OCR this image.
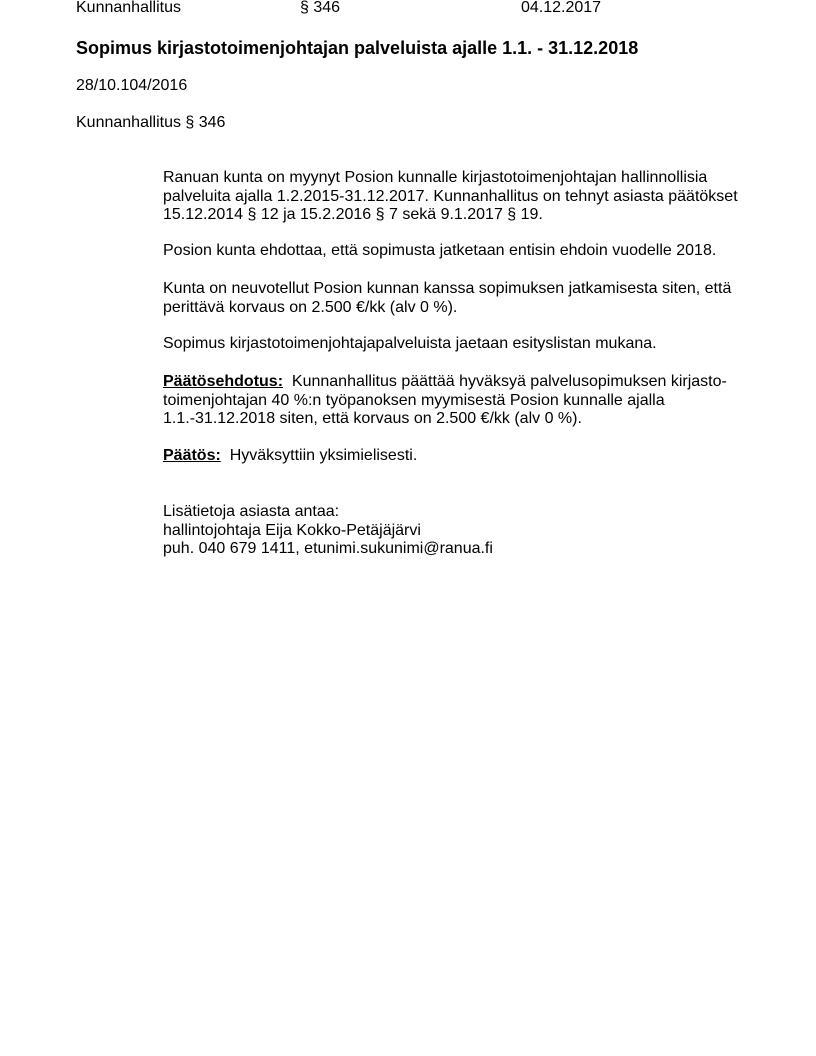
Kunnanhallitus	§ 346	04.12.2017
Sopimus kirjastotoimenjohtajan palveluista ajalle 1.1. - 31.12.2018
28/10.104/2016
Kunnanhallitus § 346
Ranuan kunta on myynyt Posion kunnalle kirjastotoimenjohtajan hallinnollisia
palveluita ajalla 1.2.2015-31.12.2017. Kunnanhallitus on tehnyt asiasta päätökset
15.12.2014 § 12 ja 15.2.2016 § 7 sekä 9.1.2017 § 19.
Posion kunta ehdottaa, että sopimusta jatketaan entisin ehdoin vuodelle 2018.
Kunta on neuvotellut Posion kunnan kanssa sopimuksen jatkamisesta siten, että
perittävä korvaus on 2.500 €/kk (alv 0 %).
Sopimus kirjastotoimenjohtajapalveluista jaetaan esityslistan mukana.
Päätösehdotus: Kunnanhallitus päättää hyväksyä palvelusopimuksen kirjasto-
toimenjohtajan 40 %:n työpanoksen myymisestä Posion kunnalle ajalla
1.1.-31.12.2018 siten, että korvaus on 2.500 €/kk (alv 0 %).
Päätös: Hyväksyttiin yksimielisesti.
Lisätietoja asiasta antaa:
hallintojohtaja Eija Kokko-Petäjäjärvi
puh. 040 679 1411, etunimi.sukunimi@ranua.fi
